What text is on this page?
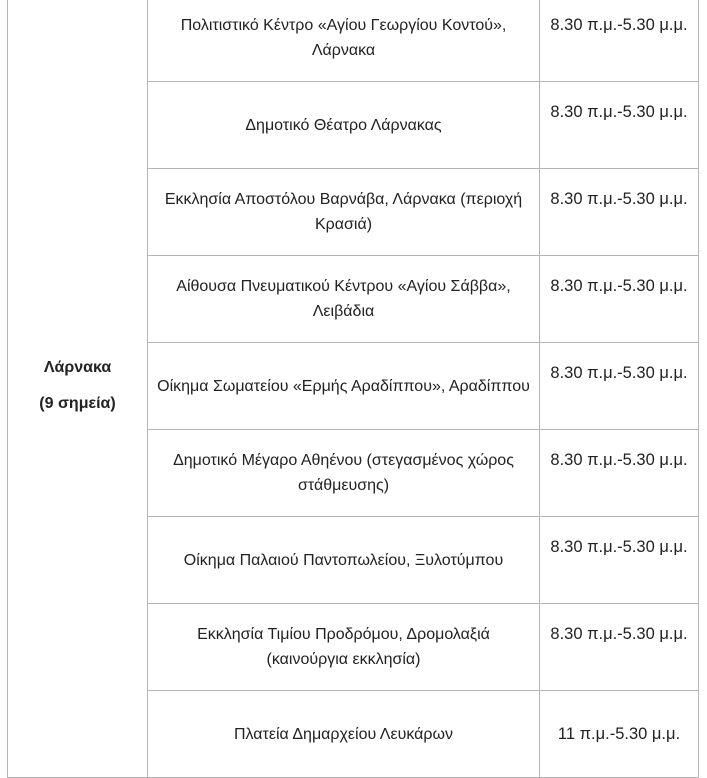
Λάρνακα
(9 σημεία)	Πολιτιστικό Κέντρο «Αγίου Γεωργίου Κοντού», Λάρνακα	8.30 π.μ.-5.30 μ.μ.
	Δημοτικό Θέατρο Λάρνακας	8.30 π.μ.-5.30 μ.μ.
	Εκκλησία Αποστόλου Βαρνάβα, Λάρνακα (περιοχή Κρασιά)	8.30 π.μ.-5.30 μ.μ.
	Αίθουσα Πνευματικού Κέντρου «Αγίου Σάββα», Λειβάδια	8.30 π.μ.-5.30 μ.μ.
	Οίκημα Σωματείου «Ερμής Αραδίππου», Αραδίππου	8.30 π.μ.-5.30 μ.μ.
	Δημοτικό Μέγαρο Αθηένου (στεγασμένος χώρος στάθμευσης)	8.30 π.μ.-5.30 μ.μ.
	Οίκημα Παλαιού Παντοπωλείου, Ξυλοτύμπου	8.30 π.μ.-5.30 μ.μ.
	Εκκλησία Τιμίου Προδρόμου, Δρομολαξιά (καινούργια εκκλησία)	8.30 π.μ.-5.30 μ.μ.
	Πλατεία Δημαρχείου Λευκάρων	11 π.μ.-5.30 μ.μ.
